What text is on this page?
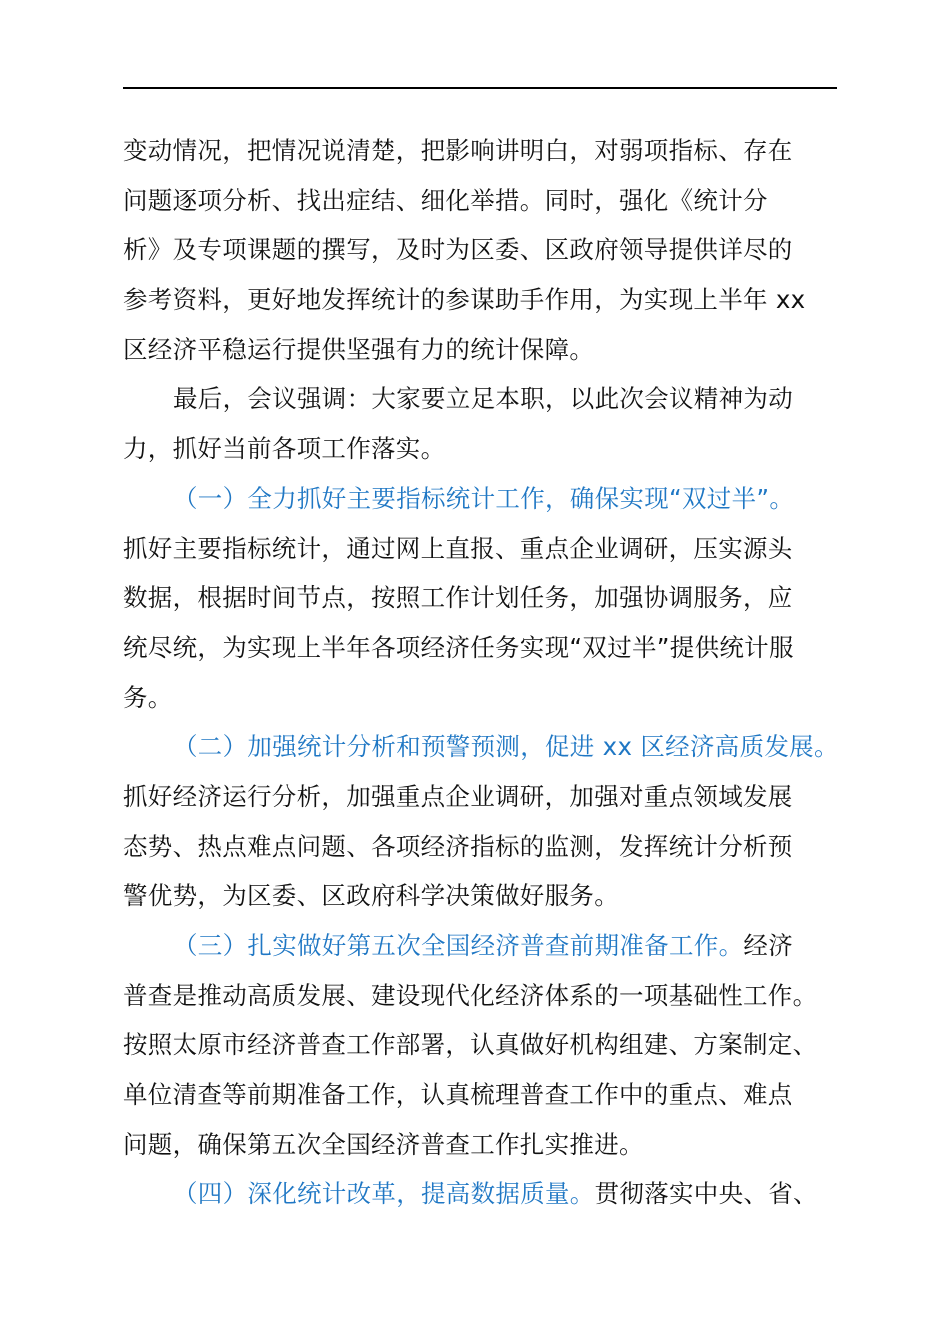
变动情况，把情况说清楚，把影响讲明白，对弱项指标、存在
问题逐项分析、找出症结、细化举措。同时，强化《统计分
析》及专项课题的撰写，及时为区委、区政府领导提供详尽的
参考资料，更好地发挥统计的参谋助手作用，为实现上半年 xx
区经济平稳运行提供坚强有力的统计保障。
最后，会议强调：大家要立足本职，以此次会议精神为动
力，抓好当前各项工作落实。
（一）全力抓好主要指标统计工作，确保实现“双过半”。
抓好主要指标统计，通过网上直报、重点企业调研，压实源头
数据，根据时间节点，按照工作计划任务，加强协调服务，应
统尽统，为实现上半年各项经济任务实现“双过半”提供统计服
务。
（二）加强统计分析和预警预测，促进 xx 区经济高质发展。
抓好经济运行分析，加强重点企业调研，加强对重点领域发展
态势、热点难点问题、各项经济指标的监测，发挥统计分析预
警优势，为区委、区政府科学决策做好服务。
（三）扎实做好第五次全国经济普查前期准备工作。经济
普查是推动高质发展、建设现代化经济体系的一项基础性工作。
按照太原市经济普查工作部署，认真做好机构组建、方案制定、
单位清查等前期准备工作，认真梳理普查工作中的重点、难点
问题，确保第五次全国经济普查工作扎实推进。
（四）深化统计改革，提高数据质量。贯彻落实中央、省、
